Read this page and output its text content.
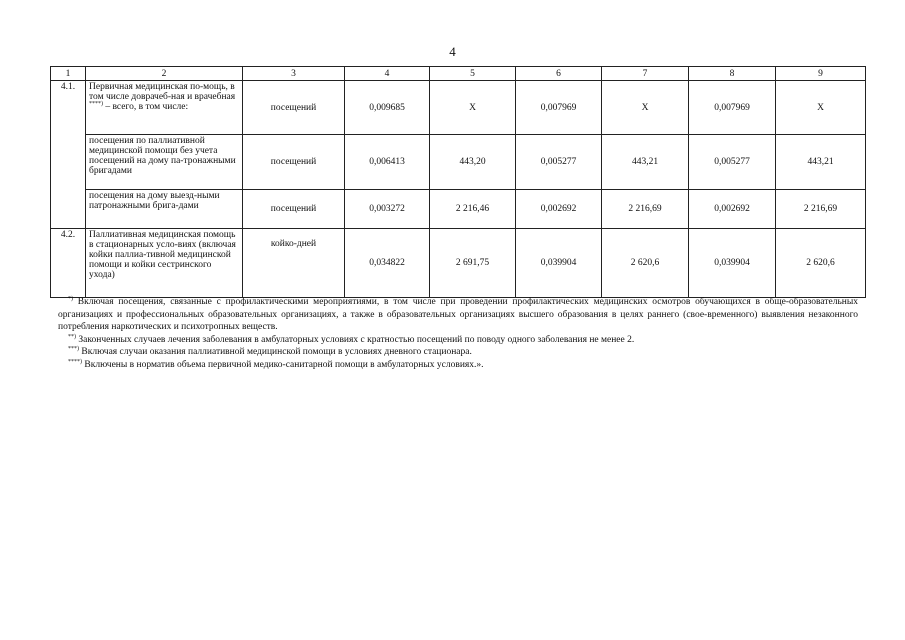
4
1	2	3	4	5	6	7	8	9
4.1.	Первичная медицинская по-мощь, в том числе доврачеб-ная и врачебная ****) – всего, в том числе:	посещений	0,009685	X	0,007969	X	0,007969	X
	посещения по паллиативной медицинской помощи без учета посещений на дому па-тронажными бригадами	посещений	0,006413	443,20	0,005277	443,21	0,005277	443,21
	посещения на дому выезд-ными патронажными брига-дами	посещений	0,003272	2 216,46	0,002692	2 216,69	0,002692	2 216,69
4.2.	Паллиативная медицинская помощь в стационарных усло-виях (включая койки паллиа-тивной медицинской помощи и койки сестринского ухода)	койко-дней	0,034822	2 691,75	0,039904	2 620,6	0,039904	2 620,6

*) Включая посещения, связанные с профилактическими мероприятиями, в том числе при проведении профилактических медицинских осмотров обучающихся в обще-образовательных организациях и профессиональных образовательных организациях, а также в образовательных организациях высшего образования в целях раннего (свое-временного) выявления незаконного потребления наркотических и психотропных веществ.

**) Законченных случаев лечения заболевания в амбулаторных условиях с кратностью посещений по поводу одного заболевания не менее 2.

***) Включая случаи оказания паллиативной медицинской помощи в условиях дневного стационара.

****) Включены в норматив объема первичной медико-санитарной помощи в амбулаторных условиях.».
